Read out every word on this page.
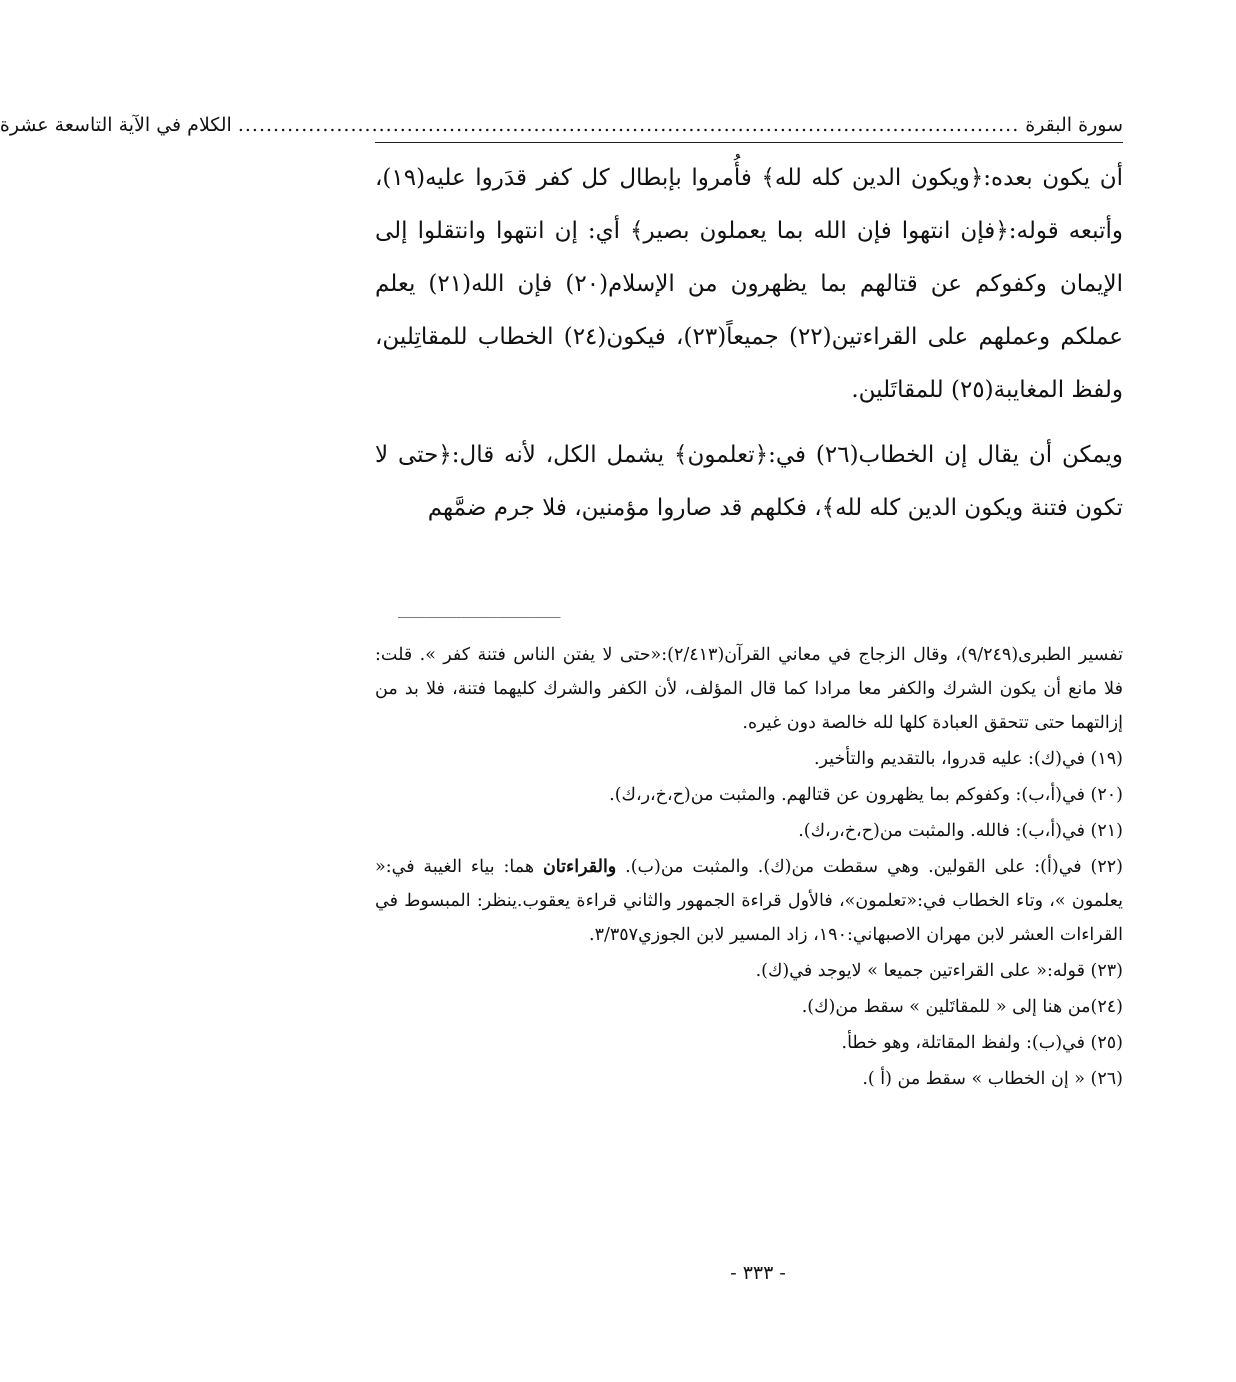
سورة البقرة
...............................................................................................................
الكلام في الآية التاسعة عشرة

أن يكون بعده:﴿ويكون الدين كله لله﴾ فأُمروا بإبطال كل كفر قدَروا عليه(١٩)، وأتبعه قوله:﴿فإن انتهوا فإن الله بما يعملون بصير﴾ أي: إن انتهوا وانتقلوا إلى الإيمان وكفوكم عن قتالهم بما يظهرون من الإسلام(٢٠) فإن الله(٢١) يعلم عملكم وعملهم على القراءتين(٢٢) جميعاً(٢٣)، فيكون(٢٤) الخطاب للمقاتِلين، ولفظ المغايبة(٢٥) للمقاتَلين.

ويمكن أن يقال إن الخطاب(٢٦) في:﴿تعلمون﴾ يشمل الكل، لأنه قال:﴿حتى لا تكون فتنة ويكون الدين كله لله﴾، فكلهم قد صاروا مؤمنين، فلا جرم ضمَّهم

__________________

تفسير الطبرى(٩/٢٤٩)، وقال الزجاج في معاني القرآن(٢/٤١٣):«حتى لا يفتن الناس فتنة كفر ». قلت: فلا مانع أن يكون الشرك والكفر معا مرادا كما قال المؤلف، لأن الكفر والشرك كليهما فتنة، فلا بد من إزالتهما حتى تتحقق العبادة كلها لله خالصة دون غيره.

(١٩) في(ك): عليه قدروا، بالتقديم والتأخير.

(٢٠) في(أ،ب): وكفوكم بما يظهرون عن قتالهم. والمثبت من(ح،خ،ر،ك).

(٢١) في(أ،ب): فالله. والمثبت من(ح،خ،ر،ك).

(٢٢) في(أ): على القولين. وهي سقطت من(ك). والمثبت من(ب). والقراءتان هما: بياء الغيبة في:« يعلمون »، وتاء الخطاب في:«تعلمون»، فالأول قراءة الجمهور والثاني قراءة يعقوب.ينظر: المبسوط في القراءات العشر لابن مهران الاصبهاني:١٩٠، زاد المسير لابن الجوزي٣/٣٥٧.

(٢٣) قوله:« على القراءتين جميعا » لايوجد في(ك).

(٢٤)من هنا إلى « للمقاتَلين » سقط من(ك).

(٢٥) في(ب): ولفظ المقاتلة، وهو خطأ.

(٢٦) « إن الخطاب » سقط من (أ ).

- ٣٣٣ -
